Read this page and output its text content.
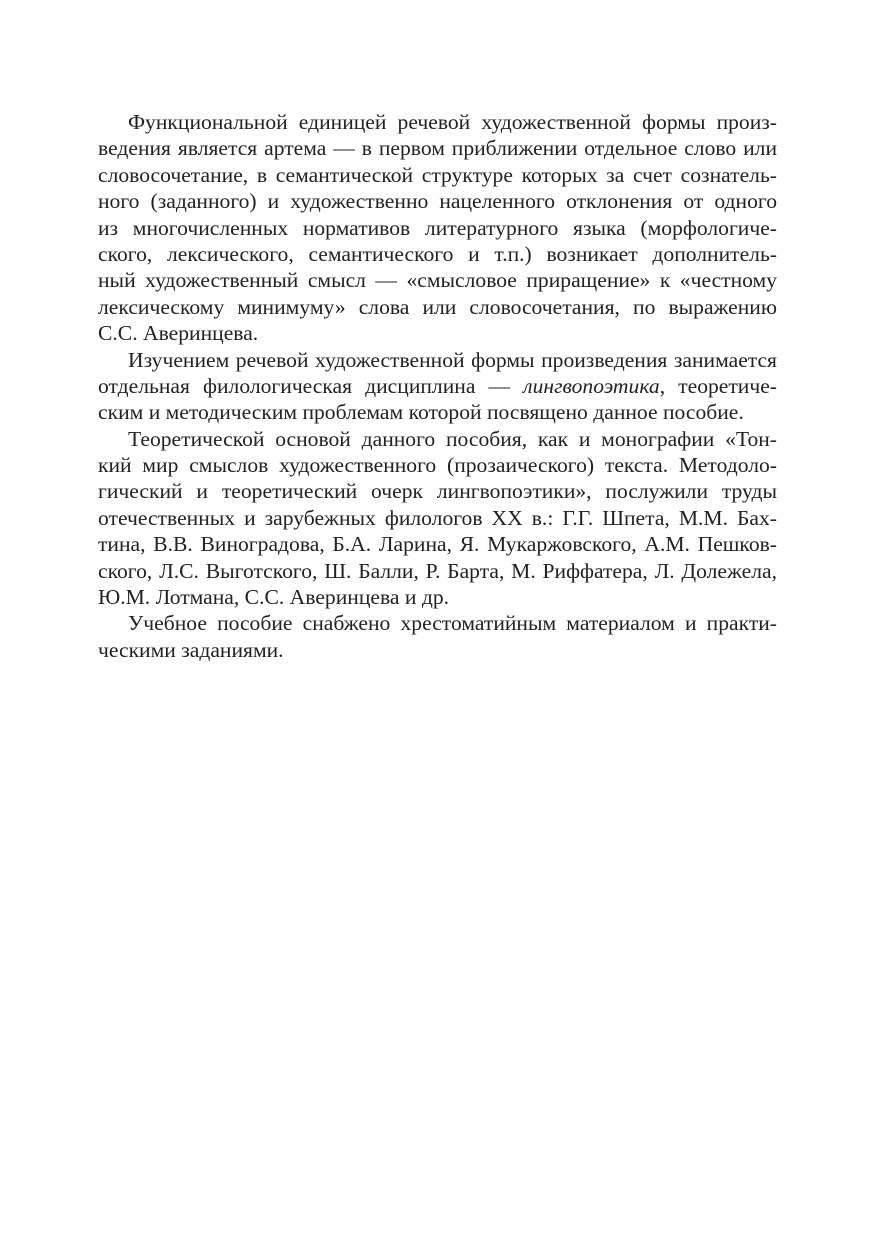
Функциональной единицей речевой художественной формы произ-
ведения является артема — в первом приближении отдельное слово или
словосочетание, в семантической структуре которых за счет сознатель-
ного (заданного) и художественно нацеленного отклонения от одного
из многочисленных нормативов литературного языка (морфологиче-
ского, лексического, семантического и т.п.) возникает дополнитель-
ный художественный смысл — «смысловое приращение» к «честному
лексическому минимуму» слова или словосочетания, по выражению
С.С. Аверинцева.

Изучением речевой художественной формы произведения занимается
отдельная филологическая дисциплина — лингвопоэтика, теоретиче-
ским и методическим проблемам которой посвящено данное пособие.

Теоретической основой данного пособия, как и монографии «Тон-
кий мир смыслов художественного (прозаического) текста. Методоло-
гический и теоретический очерк лингвопоэтики», послужили труды
отечественных и зарубежных филологов XX в.: Г.Г. Шпета, М.М. Бах-
тина, В.В. Виноградова, Б.А. Ларина, Я. Мукаржовского, А.М. Пешков-
ского, Л.С. Выготского, Ш. Балли, Р. Барта, М. Риффатера, Л. Долежела,
Ю.М. Лотмана, С.С. Аверинцева и др.

Учебное пособие снабжено хрестоматийным материалом и практи-
ческими заданиями.
